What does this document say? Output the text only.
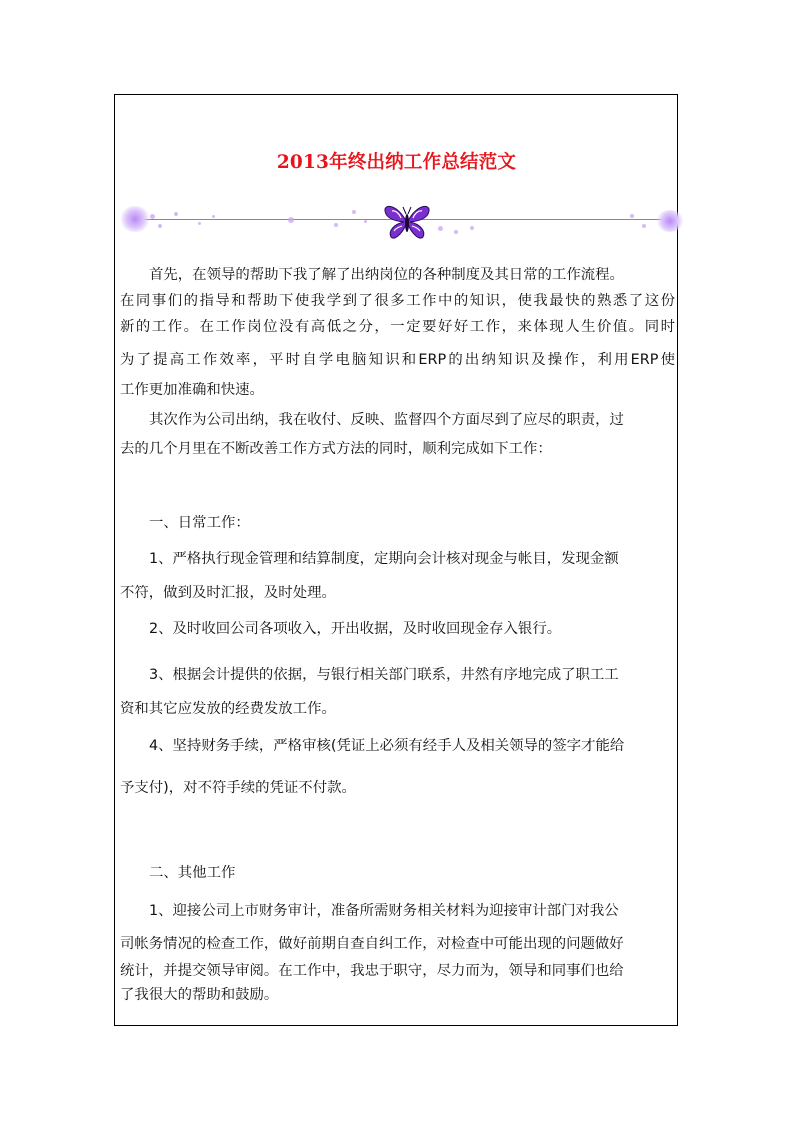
2013年终出纳工作总结范文
首先，在领导的帮助下我了解了出纳岗位的各种制度及其日常的工作流程。
在同事们的指导和帮助下使我学到了很多工作中的知识，使我最快的熟悉了这份
新的工作。在工作岗位没有高低之分，一定要好好工作，来体现人生价值。同时
为了提高工作效率，平时自学电脑知识和ERP的出纳知识及操作，利用ERP使
工作更加准确和快速。
其次作为公司出纳，我在收付、反映、监督四个方面尽到了应尽的职责，过
去的几个月里在不断改善工作方式方法的同时，顺利完成如下工作：
一、日常工作：
1、严格执行现金管理和结算制度，定期向会计核对现金与帐目，发现金额
不符，做到及时汇报，及时处理。
2、及时收回公司各项收入，开出收据，及时收回现金存入银行。
3、根据会计提供的依据，与银行相关部门联系，井然有序地完成了职工工
资和其它应发放的经费发放工作。
4、坚持财务手续，严格审核(凭证上必须有经手人及相关领导的签字才能给
予支付)，对不符手续的凭证不付款。
二、其他工作
1、迎接公司上市财务审计，准备所需财务相关材料为迎接审计部门对我公
司帐务情况的检查工作，做好前期自查自纠工作，对检查中可能出现的问题做好
统计，并提交领导审阅。在工作中，我忠于职守，尽力而为，领导和同事们也给
了我很大的帮助和鼓励。
